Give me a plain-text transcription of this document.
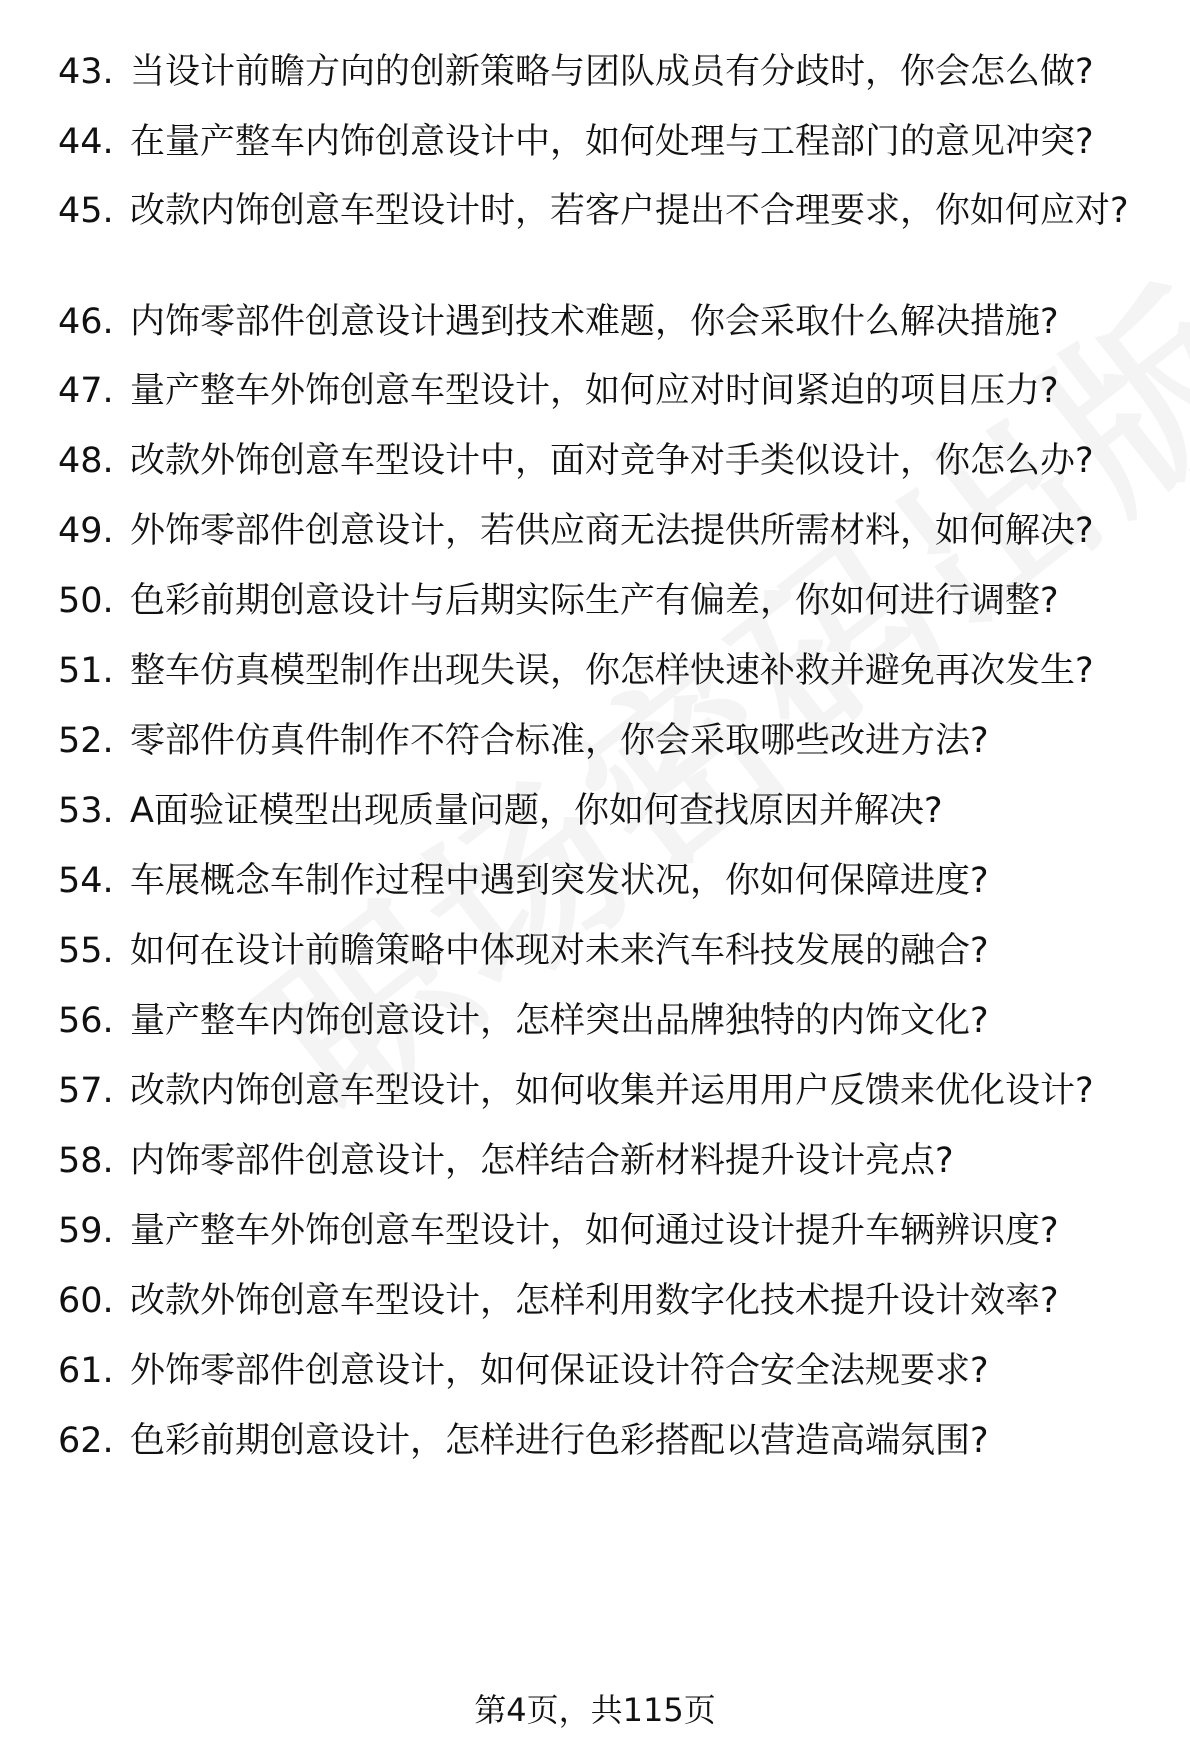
43. 当设计前瞻方向的创新策略与团队成员有分歧时，你会怎么做?
44. 在量产整车内饰创意设计中，如何处理与工程部门的意见冲突?
45. 改款内饰创意车型设计时，若客户提出不合理要求，你如何应对?
46. 内饰零部件创意设计遇到技术难题，你会采取什么解决措施?
47. 量产整车外饰创意车型设计，如何应对时间紧迫的项目压力?
48. 改款外饰创意车型设计中，面对竞争对手类似设计，你怎么办?
49. 外饰零部件创意设计，若供应商无法提供所需材料，如何解决?
50. 色彩前期创意设计与后期实际生产有偏差，你如何进行调整?
51. 整车仿真模型制作出现失误，你怎样快速补救并避免再次发生?
52. 零部件仿真件制作不符合标准，你会采取哪些改进方法?
53. A面验证模型出现质量问题，你如何查找原因并解决?
54. 车展概念车制作过程中遇到突发状况，你如何保障进度?
55. 如何在设计前瞻策略中体现对未来汽车科技发展的融合?
56. 量产整车内饰创意设计，怎样突出品牌独特的内饰文化?
57. 改款内饰创意车型设计，如何收集并运用用户反馈来优化设计?
58. 内饰零部件创意设计，怎样结合新材料提升设计亮点?
59. 量产整车外饰创意车型设计，如何通过设计提升车辆辨识度?
60. 改款外饰创意车型设计，怎样利用数字化技术提升设计效率?
61. 外饰零部件创意设计，如何保证设计符合安全法规要求?
62. 色彩前期创意设计，怎样进行色彩搭配以营造高端氛围?
第4页，共115页
